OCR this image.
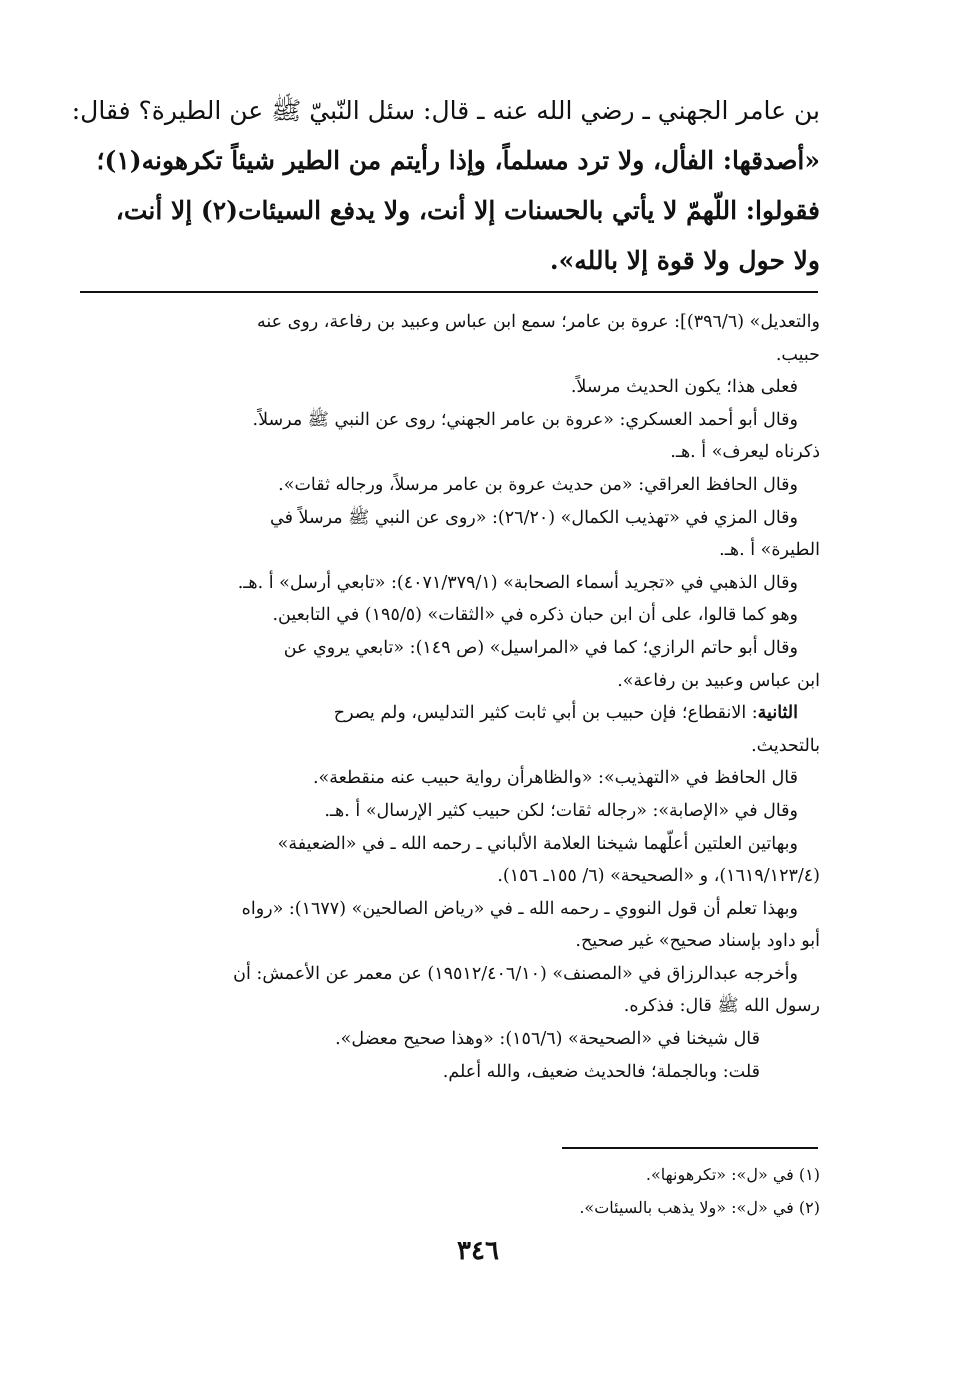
بن عامر الجهني ـ رضي الله عنه ـ قال: سئل النّبيّ ﷺ عن الطيرة؟ فقال:
«أصدقها: الفأل، ولا ترد مسلماً، وإذا رأيتم من الطير شيئاً تكرهونه(١)؛
فقولوا: اللّهمّ لا يأتي بالحسنات إلا أنت، ولا يدفع السيئات(٢) إلا أنت،
ولا حول ولا قوة إلا بالله».
والتعديل» (٣٩٦/٦)]: عروة بن عامر؛ سمع ابن عباس وعبيد بن رفاعة، روى عنه
حبيب.
فعلى هذا؛ يكون الحديث مرسلاً.
وقال أبو أحمد العسكري: «عروة بن عامر الجهني؛ روى عن النبي ﷺ مرسلاً.
ذكرناه ليعرف» أ .هـ.
وقال الحافظ العراقي: «من حديث عروة بن عامر مرسلاً، ورجاله ثقات».
وقال المزي في «تهذيب الكمال» (٢٦/٢٠): «روى عن النبي ﷺ مرسلاً في
الطيرة» أ .هـ.
وقال الذهبي في «تجريد أسماء الصحابة» (٤٠٧١/٣٧٩/١): «تابعي أرسل» أ .هـ.
وهو كما قالوا، على أن ابن حبان ذكره في «الثقات» (١٩٥/٥) في التابعين.
وقال أبو حاتم الرازي؛ كما في «المراسيل» (ص ١٤٩): «تابعي يروي عن
ابن عباس وعبيد بن رفاعة».
الثانية: الانقطاع؛ فإن حبيب بن أبي ثابت كثير التدليس، ولم يصرح
بالتحديث.
قال الحافظ في «التهذيب»: «والظاهرأن رواية حبيب عنه منقطعة».
وقال في «الإصابة»: «رجاله ثقات؛ لكن حبيب كثير الإرسال» أ .هـ.
وبهاتين العلتين أعلّهما شيخنا العلامة الألباني ـ رحمه الله ـ في «الضعيفة»
(١٦١٩/١٢٣/٤)، و «الصحيحة» (٦/ ١٥٥ـ ١٥٦).
وبهذا تعلم أن قول النووي ـ رحمه الله ـ في «رياض الصالحين» (١٦٧٧): «رواه
أبو داود بإسناد صحيح» غير صحيح.
وأخرجه عبدالرزاق في «المصنف» (١٩٥١٢/٤٠٦/١٠) عن معمر عن الأعمش: أن
رسول الله ﷺ قال: فذكره.
قال شيخنا في «الصحيحة» (١٥٦/٦): «وهذا صحيح معضل».
قلت: وبالجملة؛ فالحديث ضعيف، والله أعلم.
(١) في «ل»: «تكرهونها».
(٢) في «ل»: «ولا يذهب بالسيئات».
٣٤٦
